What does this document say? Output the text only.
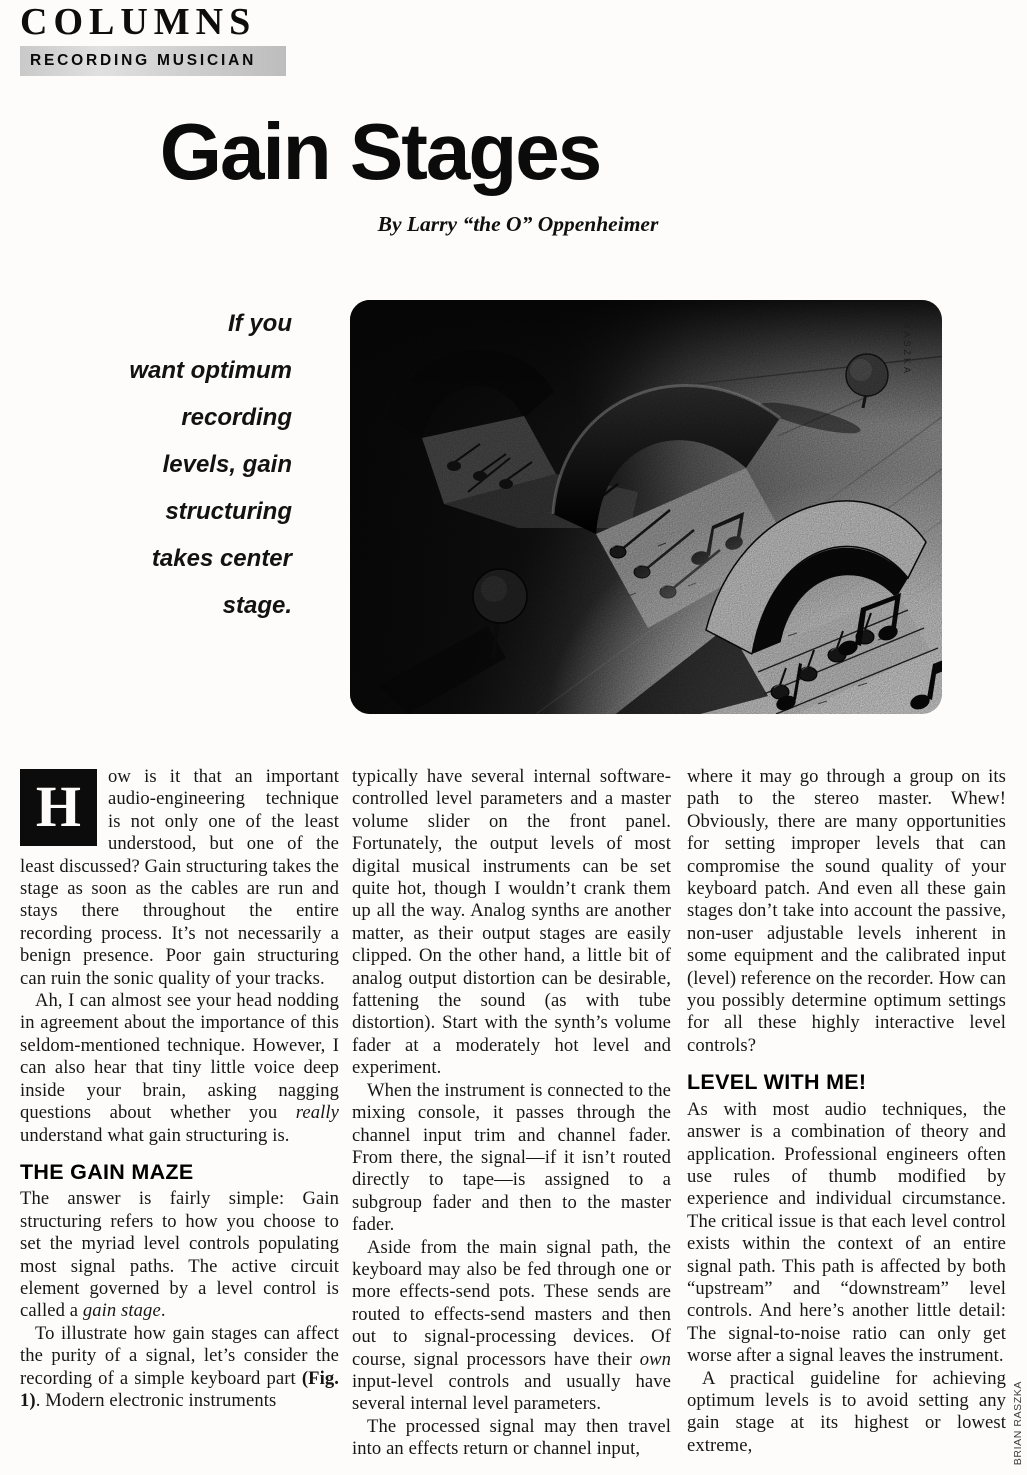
COLUMNS
RECORDING MUSICIAN
Gain Stages
By Larry “the O” Oppenheimer
If you
want optimum
recording
levels, gain
structuring
takes center
stage.

H	ow is it that an important audio-engineering technique is not only one of the least understood, but one of the least discussed? Gain structuring takes the stage as soon as the cables are run and stays there throughout the entire recording process. It’s not necessarily a benign presence. Poor gain structuring can ruin the sonic quality of your tracks.

Ah, I can almost see your head nodding in agreement about the importance of this seldom-mentioned technique. However, I can also hear that tiny little voice deep inside your brain, asking nagging questions about whether you really understand what gain structuring is.

THE GAIN MAZE

The answer is fairly simple: Gain structuring refers to how you choose to set the myriad level controls populating most signal paths. The active circuit element governed by a level control is called a gain stage.

To illustrate how gain stages can affect the purity of a signal, let’s consider the recording of a simple keyboard part (Fig. 1). Modern electronic instruments

typically have several internal software-controlled level parameters and a master volume slider on the front panel. Fortunately, the output levels of most digital musical instruments can be set quite hot, though I wouldn’t crank them up all the way. Analog synths are another matter, as their output stages are easily clipped. On the other hand, a little bit of analog output distortion can be desirable, fattening the sound (as with tube distortion). Start with the synth’s volume fader at a moderately hot level and experiment.

When the instrument is connected to the mixing console, it passes through the channel input trim and channel fader. From there, the signal—if it isn’t routed directly to tape—is assigned to a subgroup fader and then to the master fader.

Aside from the main signal path, the keyboard may also be fed through one or more effects-send pots. These sends are routed to effects-send masters and then out to signal-processing devices. Of course, signal processors have their own input-level controls and usually have several internal level parameters.

The processed signal may then travel into an effects return or channel input,

where it may go through a group on its path to the stereo master. Whew! Obviously, there are many opportunities for setting improper levels that can compromise the sound quality of your keyboard patch. And even all these gain stages don’t take into account the passive, non-user adjustable levels inherent in some equipment and the calibrated input (level) reference on the recorder. How can you possibly determine optimum settings for all these highly interactive level controls?

LEVEL WITH ME!

As with most audio techniques, the answer is a combination of theory and application. Professional engineers often use rules of thumb modified by experience and individual circumstance. The critical issue is that each level control exists within the context of an entire signal path. This path is affected by both “upstream” and “downstream” level controls. And here’s another little detail: The signal-to-noise ratio can only get worse after a signal leaves the instrument.

A practical guideline for achieving optimum levels is to avoid setting any gain stage at its highest or lowest extreme,	BRIAN RASZKA
